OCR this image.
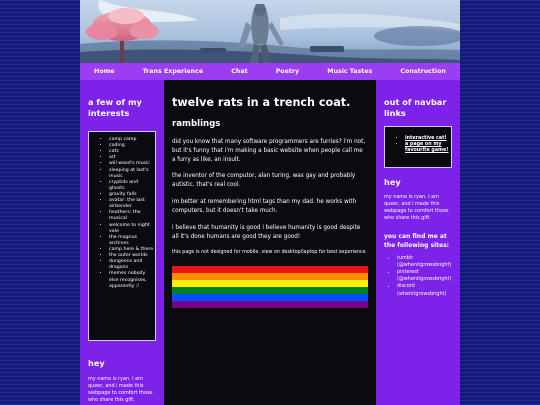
Home	Trans Experience	Chat	Poetry	Music Tastes	Construction

a few of my interests

• camp camp
• coding
• cats
• art
• will wood's music
• sleeping at last's music
• cryptids and ghosts
• gravity falls
• avatar: the last airbender
• heathers: the musical
• welcome to night vale
• the magnus archives
• camp here & there
• the outer worlds
• dungeons and dragons
• memes nobody else recognises, apparently :/

hey

my name is ryan. i am queer, and i made this webpage to comfort those who share this gift.

twelve rats in a trench coat.
ramblings

did you know that many software programmers are furries? i'm not, but it's funny that i'm making a basic website when people call me a furry as like, an insult.

the inventor of the computor, alan turing, was gay and probably autistic. that's real cool.

im better at remembering html tags than my dad. he works with computers, but it doesn't take much.

i believe that humanity is good i believe humanity is good despite all it's done humans are good they are good!

this page is not designed for mobile. view on desktop/laptop for best experience

out of navbar links

• interactive cat!
• a page on my favourite game!

hey

my name is ryan. i am queer, and i made this webpage to comfort those who share this gift.

you can find me at the following sites:

• tumblr (@whenitgrowsbright)
• pinterest (@whenitgrowsbright)
• discord (whenitgrowsbright)
